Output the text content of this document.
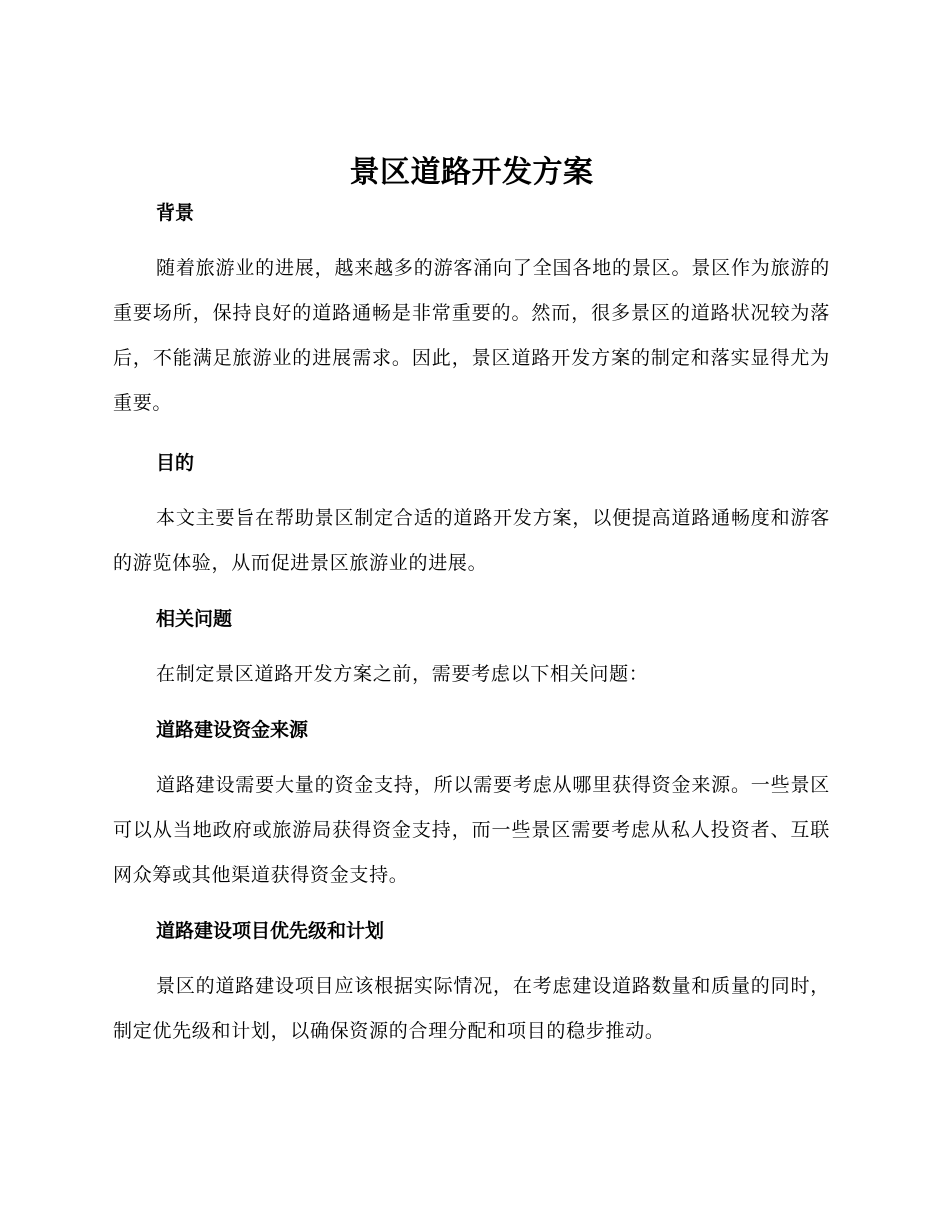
景区道路开发方案
背景

随着旅游业的进展，越来越多的游客涌向了全国各地的景区。景区作为旅游的重要场所，保持良好的道路通畅是非常重要的。然而，很多景区的道路状况较为落后，不能满足旅游业的进展需求。因此，景区道路开发方案的制定和落实显得尤为重要。

目的

本文主要旨在帮助景区制定合适的道路开发方案，以便提高道路通畅度和游客的游览体验，从而促进景区旅游业的进展。

相关问题

在制定景区道路开发方案之前，需要考虑以下相关问题：

道路建设资金来源

道路建设需要大量的资金支持，所以需要考虑从哪里获得资金来源。一些景区可以从当地政府或旅游局获得资金支持，而一些景区需要考虑从私人投资者、互联网众筹或其他渠道获得资金支持。

道路建设项目优先级和计划

景区的道路建设项目应该根据实际情况，在考虑建设道路数量和质量的同时，制定优先级和计划，以确保资源的合理分配和项目的稳步推动。
